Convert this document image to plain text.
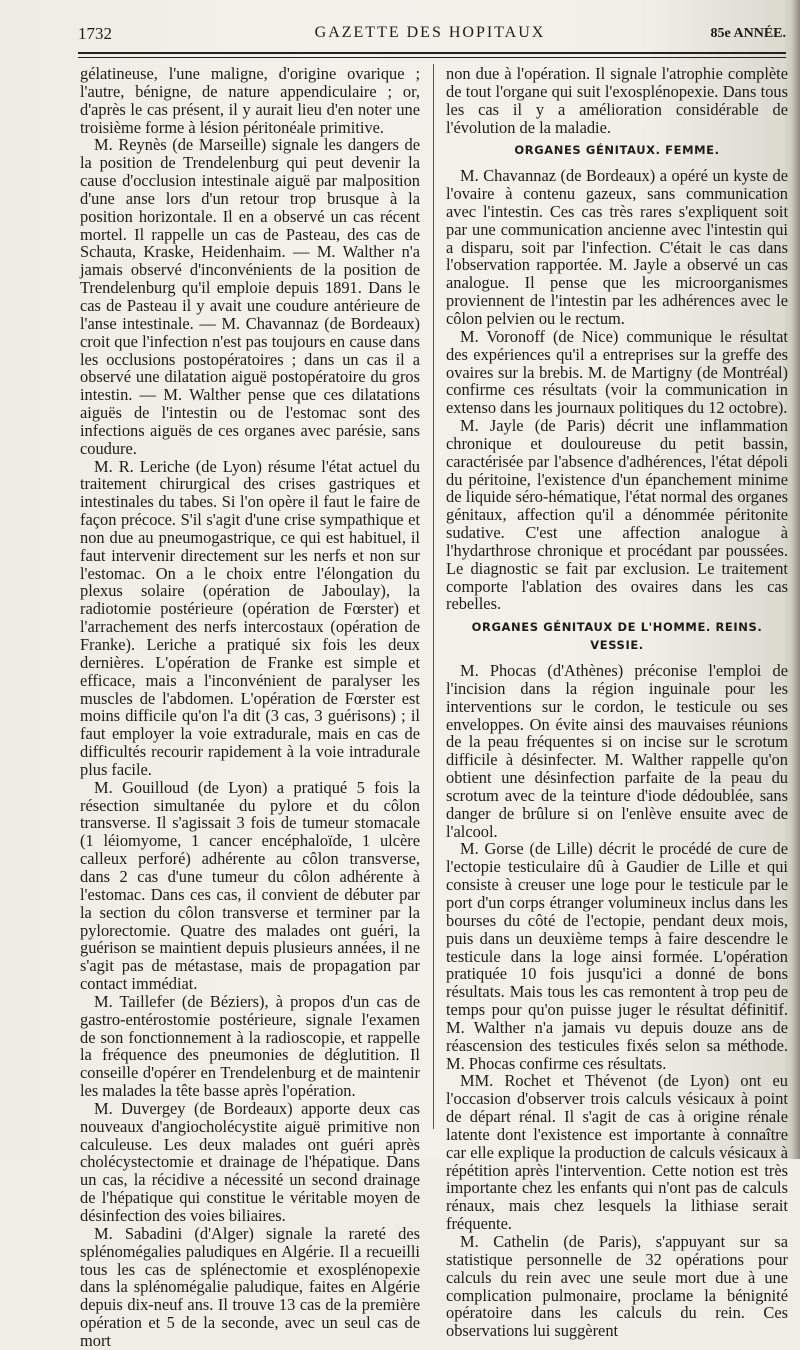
1732	GAZETTE DES HOPITAUX	85e ANNÉE.

gélatineuse, l'une maligne, d'origine ovarique ; l'autre, bénigne, de nature appendiculaire ; or, d'après le cas présent, il y aurait lieu d'en noter une troisième forme à lésion péritonéale primitive.

M. Reynès (de Marseille) signale les dangers de la position de Trendelenburg qui peut devenir la cause d'occlusion intestinale aiguë par malposition d'une anse lors d'un retour trop brusque à la position horizontale. Il en a observé un cas récent mortel. Il rappelle un cas de Pasteau, des cas de Schauta, Kraske, Heidenhaim. — M. Walther n'a jamais observé d'inconvénients de la position de Trendelenburg qu'il emploie depuis 1891. Dans le cas de Pasteau il y avait une coudure antérieure de l'anse intestinale. — M. Chavannaz (de Bordeaux) croit que l'infection n'est pas toujours en cause dans les occlusions postopératoires ; dans un cas il a observé une dilatation aiguë postopératoire du gros intestin. — M. Walther pense que ces dilatations aiguës de l'intestin ou de l'estomac sont des infections aiguës de ces organes avec parésie, sans coudure.

M. R. Leriche (de Lyon) résume l'état actuel du traitement chirurgical des crises gastriques et intestinales du tabes. Si l'on opère il faut le faire de façon précoce. S'il s'agit d'une crise sympathique et non due au pneumogastrique, ce qui est habituel, il faut intervenir directement sur les nerfs et non sur l'estomac. On a le choix entre l'élongation du plexus solaire (opération de Jaboulay), la radiotomie postérieure (opération de Fœrster) et l'arrachement des nerfs intercostaux (opération de Franke). Leriche a pratiqué six fois les deux dernières. L'opération de Franke est simple et efficace, mais a l'inconvénient de paralyser les muscles de l'abdomen. L'opération de Fœrster est moins difficile qu'on l'a dit (3 cas, 3 guérisons) ; il faut employer la voie extradurale, mais en cas de difficultés recourir rapidement à la voie intradurale plus facile.

M. Gouilloud (de Lyon) a pratiqué 5 fois la résection simultanée du pylore et du côlon transverse. Il s'agissait 3 fois de tumeur stomacale (1 léiomyome, 1 cancer encéphaloïde, 1 ulcère calleux perforé) adhérente au côlon transverse, dans 2 cas d'une tumeur du côlon adhérente à l'estomac. Dans ces cas, il convient de débuter par la section du côlon transverse et terminer par la pylorectomie. Quatre des malades ont guéri, la guérison se maintient depuis plusieurs années, il ne s'agit pas de métastase, mais de propagation par contact immédiat.

M. Taillefer (de Béziers), à propos d'un cas de gastro-entérostomie postérieure, signale l'examen de son fonctionnement à la radioscopie, et rappelle la fréquence des pneumonies de déglutition. Il conseille d'opérer en Trendelenburg et de maintenir les malades la tête basse après l'opération.

M. Duvergey (de Bordeaux) apporte deux cas nouveaux d'angiocholécystite aiguë primitive non calculeuse. Les deux malades ont guéri après cholécystectomie et drainage de l'hépatique. Dans un cas, la récidive a nécessité un second drainage de l'hépatique qui constitue le véritable moyen de désinfection des voies biliaires.

M. Sabadini (d'Alger) signale la rareté des splénomégalies paludiques en Algérie. Il a recueilli tous les cas de splénectomie et exosplénopexie dans la splénomégalie paludique, faites en Algérie depuis dix-neuf ans. Il trouve 13 cas de la première opération et 5 de la seconde, avec un seul cas de mort

non due à l'opération. Il signale l'atrophie complète de tout l'organe qui suit l'exosplénopexie. Dans tous les cas il y a amélioration considérable de l'évolution de la maladie.

ORGANES GÉNITAUX. FEMME.

M. Chavannaz (de Bordeaux) a opéré un kyste de l'ovaire à contenu gazeux, sans communication avec l'intestin. Ces cas très rares s'expliquent soit par une communication ancienne avec l'intestin qui a disparu, soit par l'infection. C'était le cas dans l'observation rapportée. M. Jayle a observé un cas analogue. Il pense que les microorganismes proviennent de l'intestin par les adhérences avec le côlon pelvien ou le rectum.

M. Voronoff (de Nice) communique le résultat des expériences qu'il a entreprises sur la greffe des ovaires sur la brebis. M. de Martigny (de Montréal) confirme ces résultats (voir la communication in extenso dans les journaux politiques du 12 octobre).

M. Jayle (de Paris) décrit une inflammation chronique et douloureuse du petit bassin, caractérisée par l'absence d'adhérences, l'état dépoli du péritoine, l'existence d'un épanchement minime de liquide séro-hématique, l'état normal des organes génitaux, affection qu'il a dénommée péritonite sudative. C'est une affection analogue à l'hydarthrose chronique et procédant par poussées. Le diagnostic se fait par exclusion. Le traitement comporte l'ablation des ovaires dans les cas rebelles.

ORGANES GÉNITAUX DE L'HOMME. REINS. VESSIE.

M. Phocas (d'Athènes) préconise l'emploi de l'incision dans la région inguinale pour les interventions sur le cordon, le testicule ou ses enveloppes. On évite ainsi des mauvaises réunions de la peau fréquentes si on incise sur le scrotum difficile à désinfecter. M. Walther rappelle qu'on obtient une désinfection parfaite de la peau du scrotum avec de la teinture d'iode dédoublée, sans danger de brûlure si on l'enlève ensuite avec de l'alcool.

M. Gorse (de Lille) décrit le procédé de cure de l'ectopie testiculaire dû à Gaudier de Lille et qui consiste à creuser une loge pour le testicule par le port d'un corps étranger volumineux inclus dans les bourses du côté de l'ectopie, pendant deux mois, puis dans un deuxième temps à faire descendre le testicule dans la loge ainsi formée. L'opération pratiquée 10 fois jusqu'ici a donné de bons résultats. Mais tous les cas remontent à trop peu de temps pour qu'on puisse juger le résultat définitif. M. Walther n'a jamais vu depuis douze ans de réascension des testicules fixés selon sa méthode. M. Phocas confirme ces résultats.

MM. Rochet et Thévenot (de Lyon) ont eu l'occasion d'observer trois calculs vésicaux à point de départ rénal. Il s'agit de cas à origine rénale latente dont l'existence est importante à connaître car elle explique la production de calculs vésicaux à répétition après l'intervention. Cette notion est très importante chez les enfants qui n'ont pas de calculs rénaux, mais chez lesquels la lithiase serait fréquente.

M. Cathelin (de Paris), s'appuyant sur sa statistique personnelle de 32 opérations pour calculs du rein avec une seule mort due à une complication pulmonaire, proclame la bénignité opératoire dans les calculs du rein. Ces observations lui suggèrent
